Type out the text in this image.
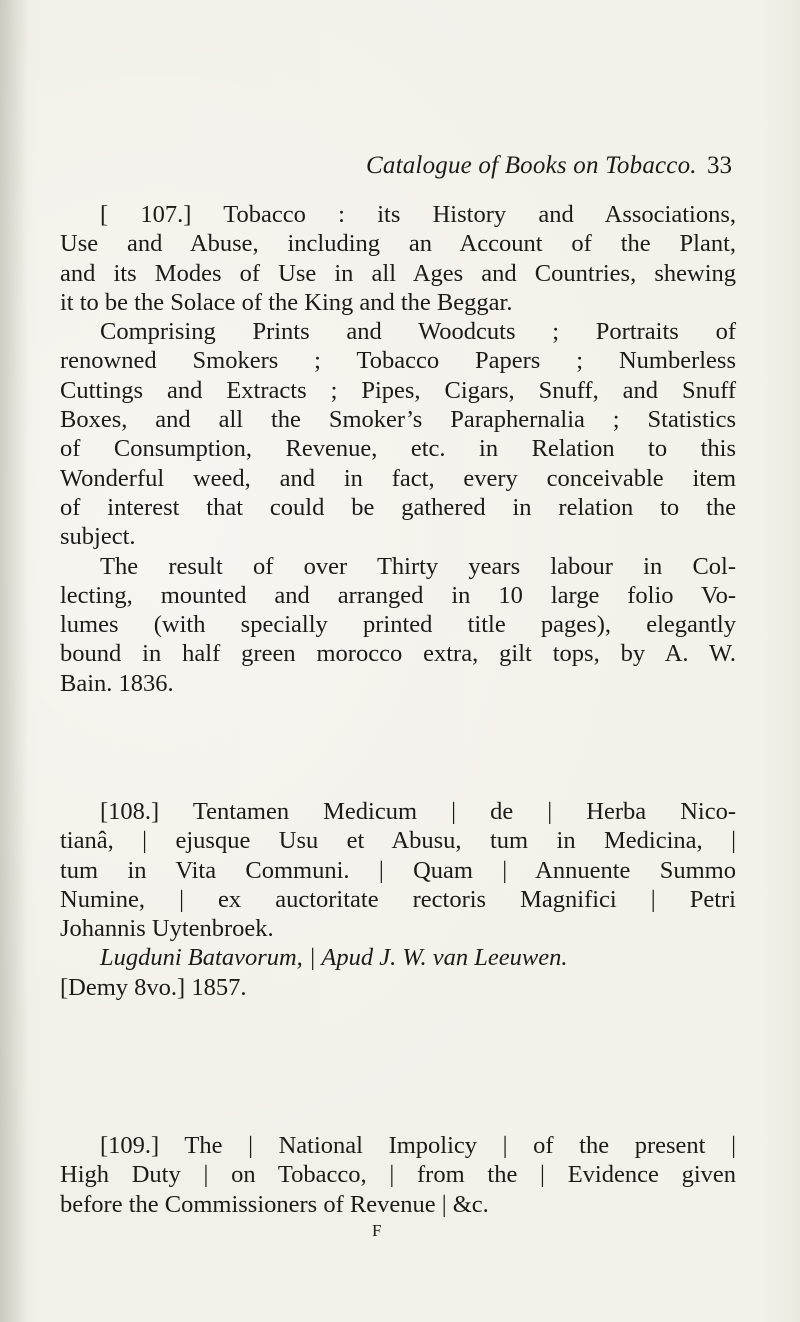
Catalogue of Books on Tobacco. 33
[ 107.] Tobacco : its History and Associations,
Use and Abuse, including an Account of the Plant,
and its Modes of Use in all Ages and Countries, shewing
it to be the Solace of the King and the Beggar.
Comprising Prints and Woodcuts ; Portraits of
renowned Smokers ; Tobacco Papers ; Numberless
Cuttings and Extracts ; Pipes, Cigars, Snuff, and Snuff
Boxes, and all the Smoker’s Paraphernalia ; Statistics
of Consumption, Revenue, etc. in Relation to this
Wonderful weed, and in fact, every conceivable item
of interest that could be gathered in relation to the
subject.
The result of over Thirty years labour in Col-
lecting, mounted and arranged in 10 large folio Vo-
lumes (with specially printed title pages), elegantly
bound in half green morocco extra, gilt tops, by A. W.
Bain. 1836.
[108.] Tentamen Medicum | de | Herba Nico-
tianâ, | ejusque Usu et Abusu, tum in Medicina, |
tum in Vita Communi. | Quam | Annuente Summo
Numine, | ex auctoritate rectoris Magnifici | Petri
Johannis Uytenbroek.
Lugduni Batavorum, | Apud J. W. van Leeuwen.
[Demy 8vo.] 1857.
[109.] The | National Impolicy | of the present |
High Duty | on Tobacco, | from the | Evidence given
before the Commissioners of Revenue | &c.
F
